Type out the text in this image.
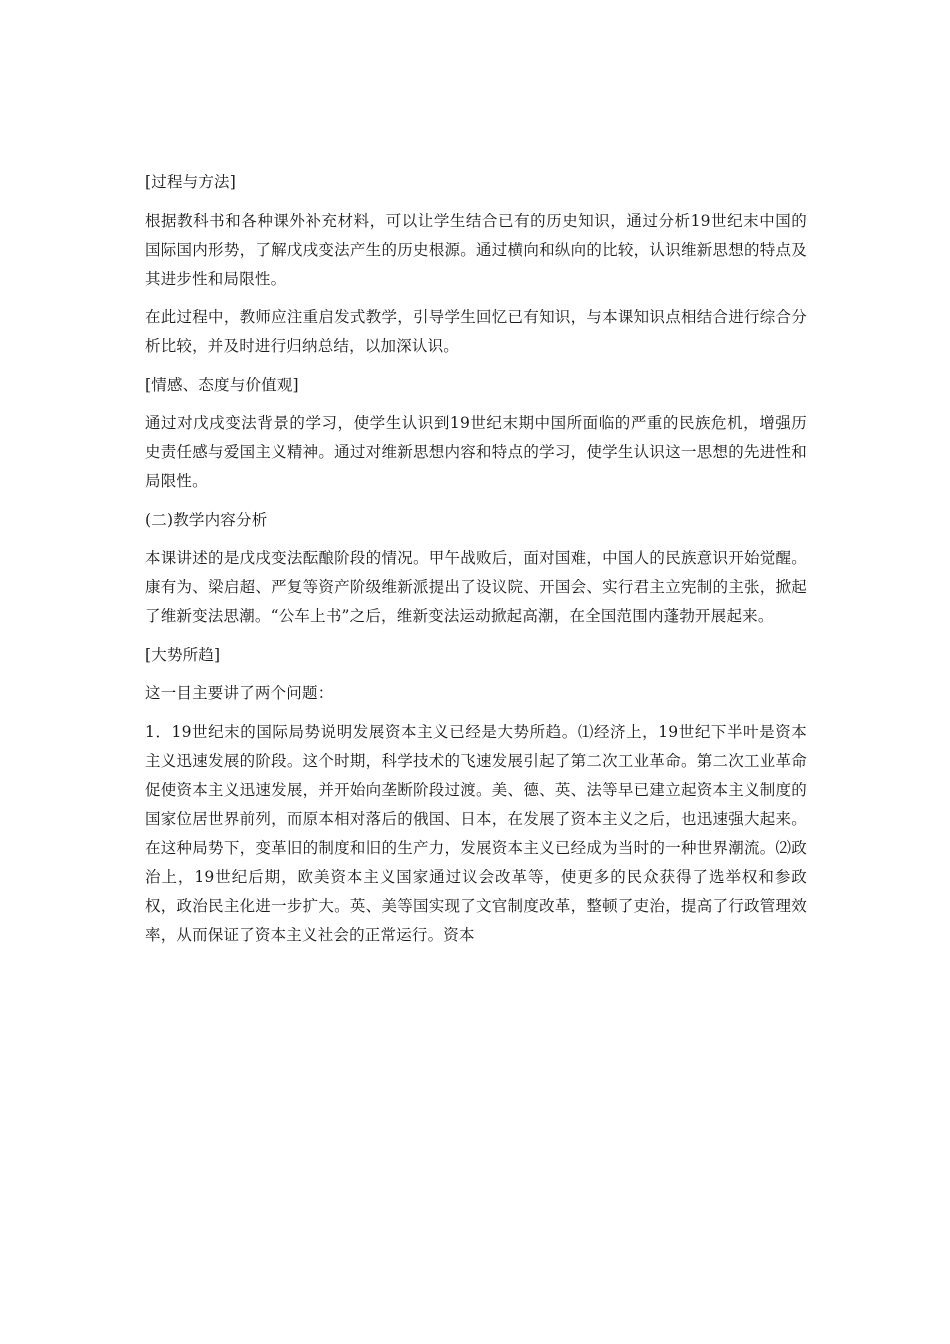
[过程与方法]
根据教科书和各种课外补充材料，可以让学生结合已有的历史知识，通过分析19世纪末中国的国际国内形势，了解戊戌变法产生的历史根源。通过横向和纵向的比较，认识维新思想的特点及其进步性和局限性。
在此过程中，教师应注重启发式教学，引导学生回忆已有知识，与本课知识点相结合进行综合分析比较，并及时进行归纳总结，以加深认识。
[情感、态度与价值观]
通过对戊戌变法背景的学习，使学生认识到19世纪末期中国所面临的严重的民族危机，增强历史责任感与爱国主义精神。通过对维新思想内容和特点的学习，使学生认识这一思想的先进性和局限性。
(二)教学内容分析
本课讲述的是戊戌变法酝酿阶段的情况。甲午战败后，面对国难，中国人的民族意识开始觉醒。康有为、梁启超、严复等资产阶级维新派提出了设议院、开国会、实行君主立宪制的主张，掀起了维新变法思潮。“公车上书”之后，维新变法运动掀起高潮，在全国范围内蓬勃开展起来。
[大势所趋]
这一目主要讲了两个问题：
1．19世纪末的国际局势说明发展资本主义已经是大势所趋。⑴经济上，19世纪下半叶是资本主义迅速发展的阶段。这个时期，科学技术的飞速发展引起了第二次工业革命。第二次工业革命促使资本主义迅速发展，并开始向垄断阶段过渡。美、德、英、法等早已建立起资本主义制度的国家位居世界前列，而原本相对落后的俄国、日本，在发展了资本主义之后，也迅速强大起来。在这种局势下，变革旧的制度和旧的生产力，发展资本主义已经成为当时的一种世界潮流。⑵政治上，19世纪后期，欧美资本主义国家通过议会改革等，使更多的民众获得了选举权和参政权，政治民主化进一步扩大。英、美等国实现了文官制度改革，整顿了吏治，提高了行政管理效率，从而保证了资本主义社会的正常运行。资本
